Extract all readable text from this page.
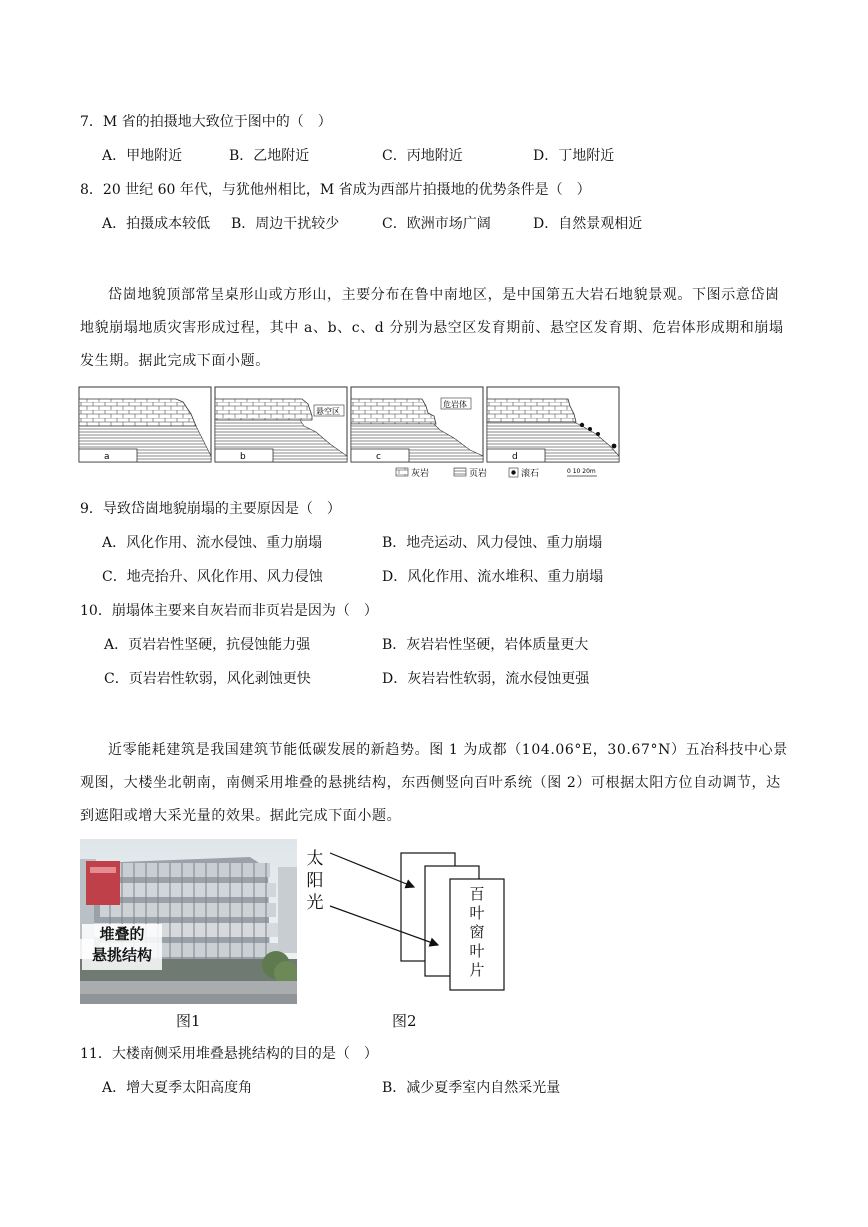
7．M 省的拍摄地大致位于图中的（　）
A．甲地附近	B．乙地附近	C．丙地附近	D．丁地附近
8．20 世纪 60 年代，与犹他州相比，M 省成为西部片拍摄地的优势条件是（　）
A．拍摄成本较低 B．周边干扰较少	C．欧洲市场广阔	D．自然景观相近
岱崮地貌顶部常呈桌形山或方形山，主要分布在鲁中南地区，是中国第五大岩石地貌景观。下图示意岱崮地貌崩塌地质灾害形成过程，其中 a、b、c、d 分别为悬空区发育期前、悬空区发育期、危岩体形成期和崩塌发生期。据此完成下面小题。
a	b
悬空区
c
危岩体
d
灰岩	页岩	滚石	0 10 20m
9．导致岱崮地貌崩塌的主要原因是（　）
A．风化作用、流水侵蚀、重力崩塌	B．地壳运动、风力侵蚀、重力崩塌
C．地壳抬升、风化作用、风力侵蚀	D．风化作用、流水堆积、重力崩塌
10．崩塌体主要来自灰岩而非页岩是因为（　）
A．页岩岩性坚硬，抗侵蚀能力强	B．灰岩岩性坚硬，岩体质量更大
C．页岩岩性软弱，风化剥蚀更快	D．灰岩岩性软弱，流水侵蚀更强
近零能耗建筑是我国建筑节能低碳发展的新趋势。图 1 为成都（104.06°E，30.67°N）五冶科技中心景观图，大楼坐北朝南，南侧采用堆叠的悬挑结构，东西侧竖向百叶系统（图 2）可根据太阳方位自动调节，达到遮阳或增大采光量的效果。据此完成下面小题。
堆叠的
悬挑结构
图1
太
阳
光	百
叶
窗
叶
片
图2
11．大楼南侧采用堆叠悬挑结构的目的是（　）
A．增大夏季太阳高度角	B．减少夏季室内自然采光量
